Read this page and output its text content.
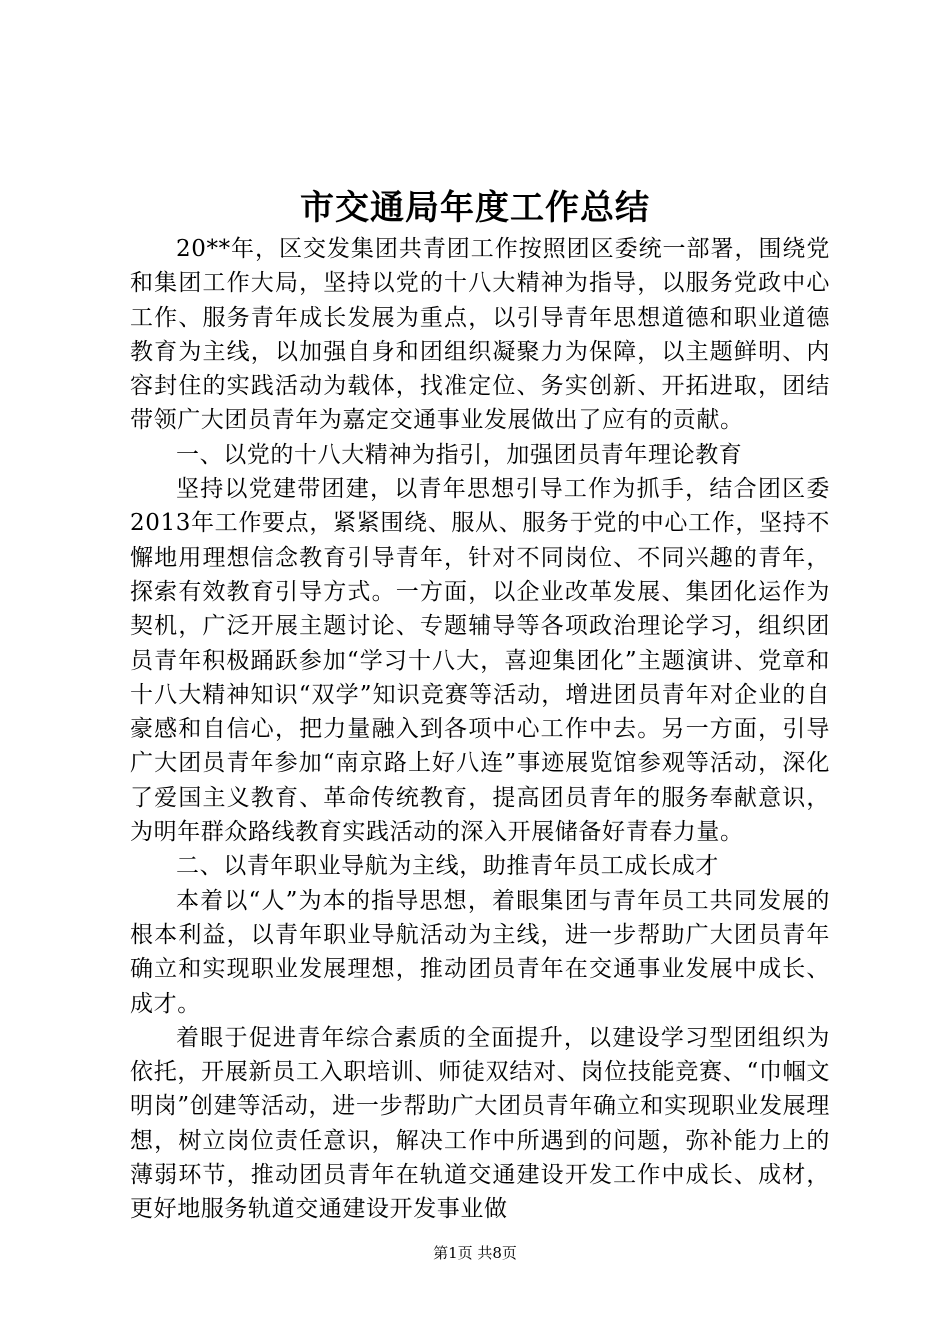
市交通局年度工作总结

20**年，区交发集团共青团工作按照团区委统一部署，围绕党和集团工作大局，坚持以党的十八大精神为指导，以服务党政中心工作、服务青年成长发展为重点，以引导青年思想道德和职业道德教育为主线，以加强自身和团组织凝聚力为保障，以主题鲜明、内容封住的实践活动为载体，找准定位、务实创新、开拓进取，团结带领广大团员青年为嘉定交通事业发展做出了应有的贡献。

一、以党的十八大精神为指引，加强团员青年理论教育

坚持以党建带团建，以青年思想引导工作为抓手，结合团区委2013年工作要点，紧紧围绕、服从、服务于党的中心工作，坚持不懈地用理想信念教育引导青年，针对不同岗位、不同兴趣的青年，探索有效教育引导方式。一方面，以企业改革发展、集团化运作为契机，广泛开展主题讨论、专题辅导等各项政治理论学习，组织团员青年积极踊跃参加“学习十八大，喜迎集团化”主题演讲、党章和十八大精神知识“双学”知识竞赛等活动，增进团员青年对企业的自豪感和自信心，把力量融入到各项中心工作中去。另一方面，引导广大团员青年参加“南京路上好八连”事迹展览馆参观等活动，深化了爱国主义教育、革命传统教育，提高团员青年的服务奉献意识，为明年群众路线教育实践活动的深入开展储备好青春力量。

二、以青年职业导航为主线，助推青年员工成长成才

本着以“人”为本的指导思想，着眼集团与青年员工共同发展的根本利益，以青年职业导航活动为主线，进一步帮助广大团员青年确立和实现职业发展理想，推动团员青年在交通事业发展中成长、成才。

着眼于促进青年综合素质的全面提升，以建设学习型团组织为依托，开展新员工入职培训、师徒双结对、岗位技能竞赛、“巾帼文明岗”创建等活动，进一步帮助广大团员青年确立和实现职业发展理想，树立岗位责任意识，解决工作中所遇到的问题，弥补能力上的薄弱环节，推动团员青年在轨道交通建设开发工作中成长、成材，更好地服务轨道交通建设开发事业做

第1页 共8页
